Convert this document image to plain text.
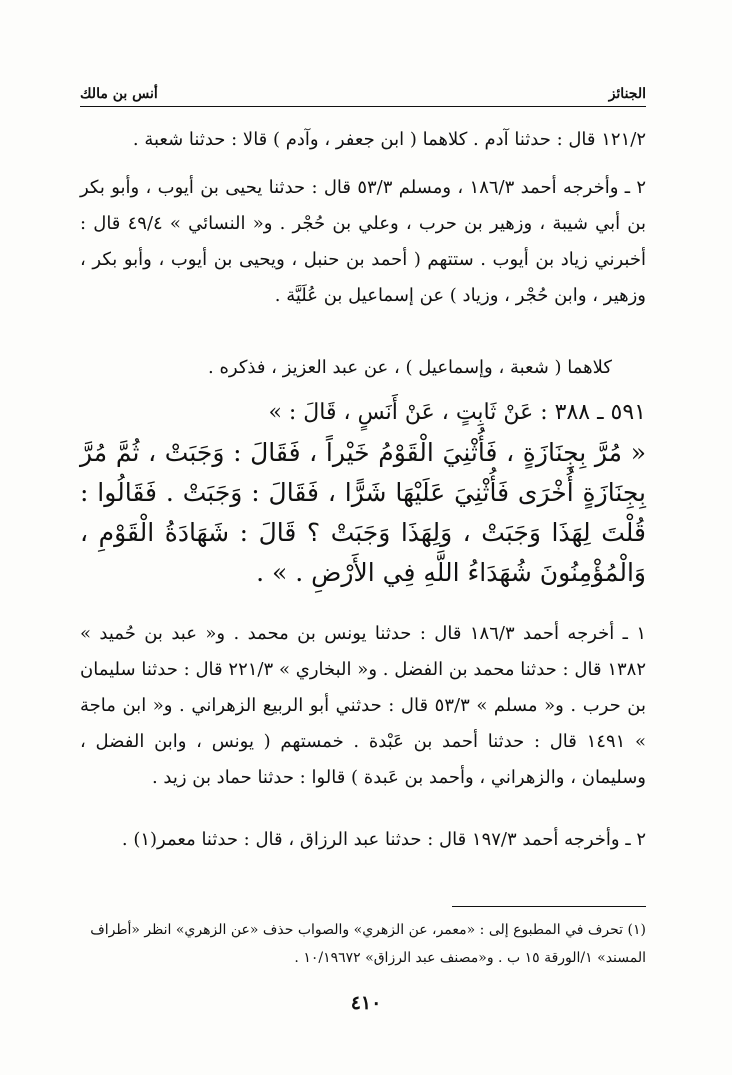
الجنائز
أنس بن مالك

١٢١/٢ قال : حدثنا آدم . كلاهما ( ابن جعفر ، وآدم ) قالا : حدثنا شعبة .

٢ ـ وأخرجه أحمد ١٨٦/٣ ، ومسلم ٥٣/٣ قال : حدثنا يحيى بن أيوب ، وأبو بكر بن أبي شيبة ، وزهير بن حرب ، وعلي بن حُجْر . و« النسائي » ٤٩/٤ قال : أخبرني زياد بن أيوب . ستتهم ( أحمد بن حنبل ، ويحيى بن أيوب ، وأبو بكر ، وزهير ، وابن حُجْر ، وزياد ) عن إسماعيل بن عُلَيَّة .

كلاهما ( شعبة ، وإسماعيل ) ، عن عبد العزيز ، فذكره .

٥٩١ ـ ٣٨٨ : عَنْ ثَابِتٍ ، عَنْ أَنَسٍ ، قَالَ : »

« مُرَّ بِجِنَازَةٍ ، فَأُثْنِيَ الْقَوْمُ خَيْراً ، فَقَالَ : وَجَبَتْ ، ثُمَّ مُرَّ بِجِنَازَةٍ أُخْرَى فَأُثْنِيَ عَلَيْهَا شَرًّا ، فَقَالَ : وَجَبَتْ . فَقَالُوا : قُلْتَ لِهَذَا وَجَبَتْ ، وَلِهَذَا وَجَبَتْ ؟ قَالَ : شَهَادَةُ الْقَوْمِ ، وَالْمُؤْمِنُونَ شُهَدَاءُ اللَّهِ فِي الأَرْضِ . » .

١ ـ أخرجه أحمد ١٨٦/٣ قال : حدثنا يونس بن محمد . و« عبد بن حُميد » ١٣٨٢ قال : حدثنا محمد بن الفضل . و« البخاري » ٢٢١/٣ قال : حدثنا سليمان بن حرب . و« مسلم » ٥٣/٣ قال : حدثني أبو الربيع الزهراني . و« ابن ماجة » ١٤٩١ قال : حدثنا أحمد بن عَبْدة . خمستهم ( يونس ، وابن الفضل ، وسليمان ، والزهراني ، وأحمد بن عَبدة ) قالوا : حدثنا حماد بن زيد .

٢ ـ وأخرجه أحمد ١٩٧/٣ قال : حدثنا عبد الرزاق ، قال : حدثنا معمر(١) .

(١) تحرف في المطبوع إلى : «معمر، عن الزهري» والصواب حذف «عن الزهري» انظر «أطراف المسند» ١/الورقة ١٥ ب . و«مصنف عبد الرزاق» ١٠/١٩٦٧٢ .
٤١٠
